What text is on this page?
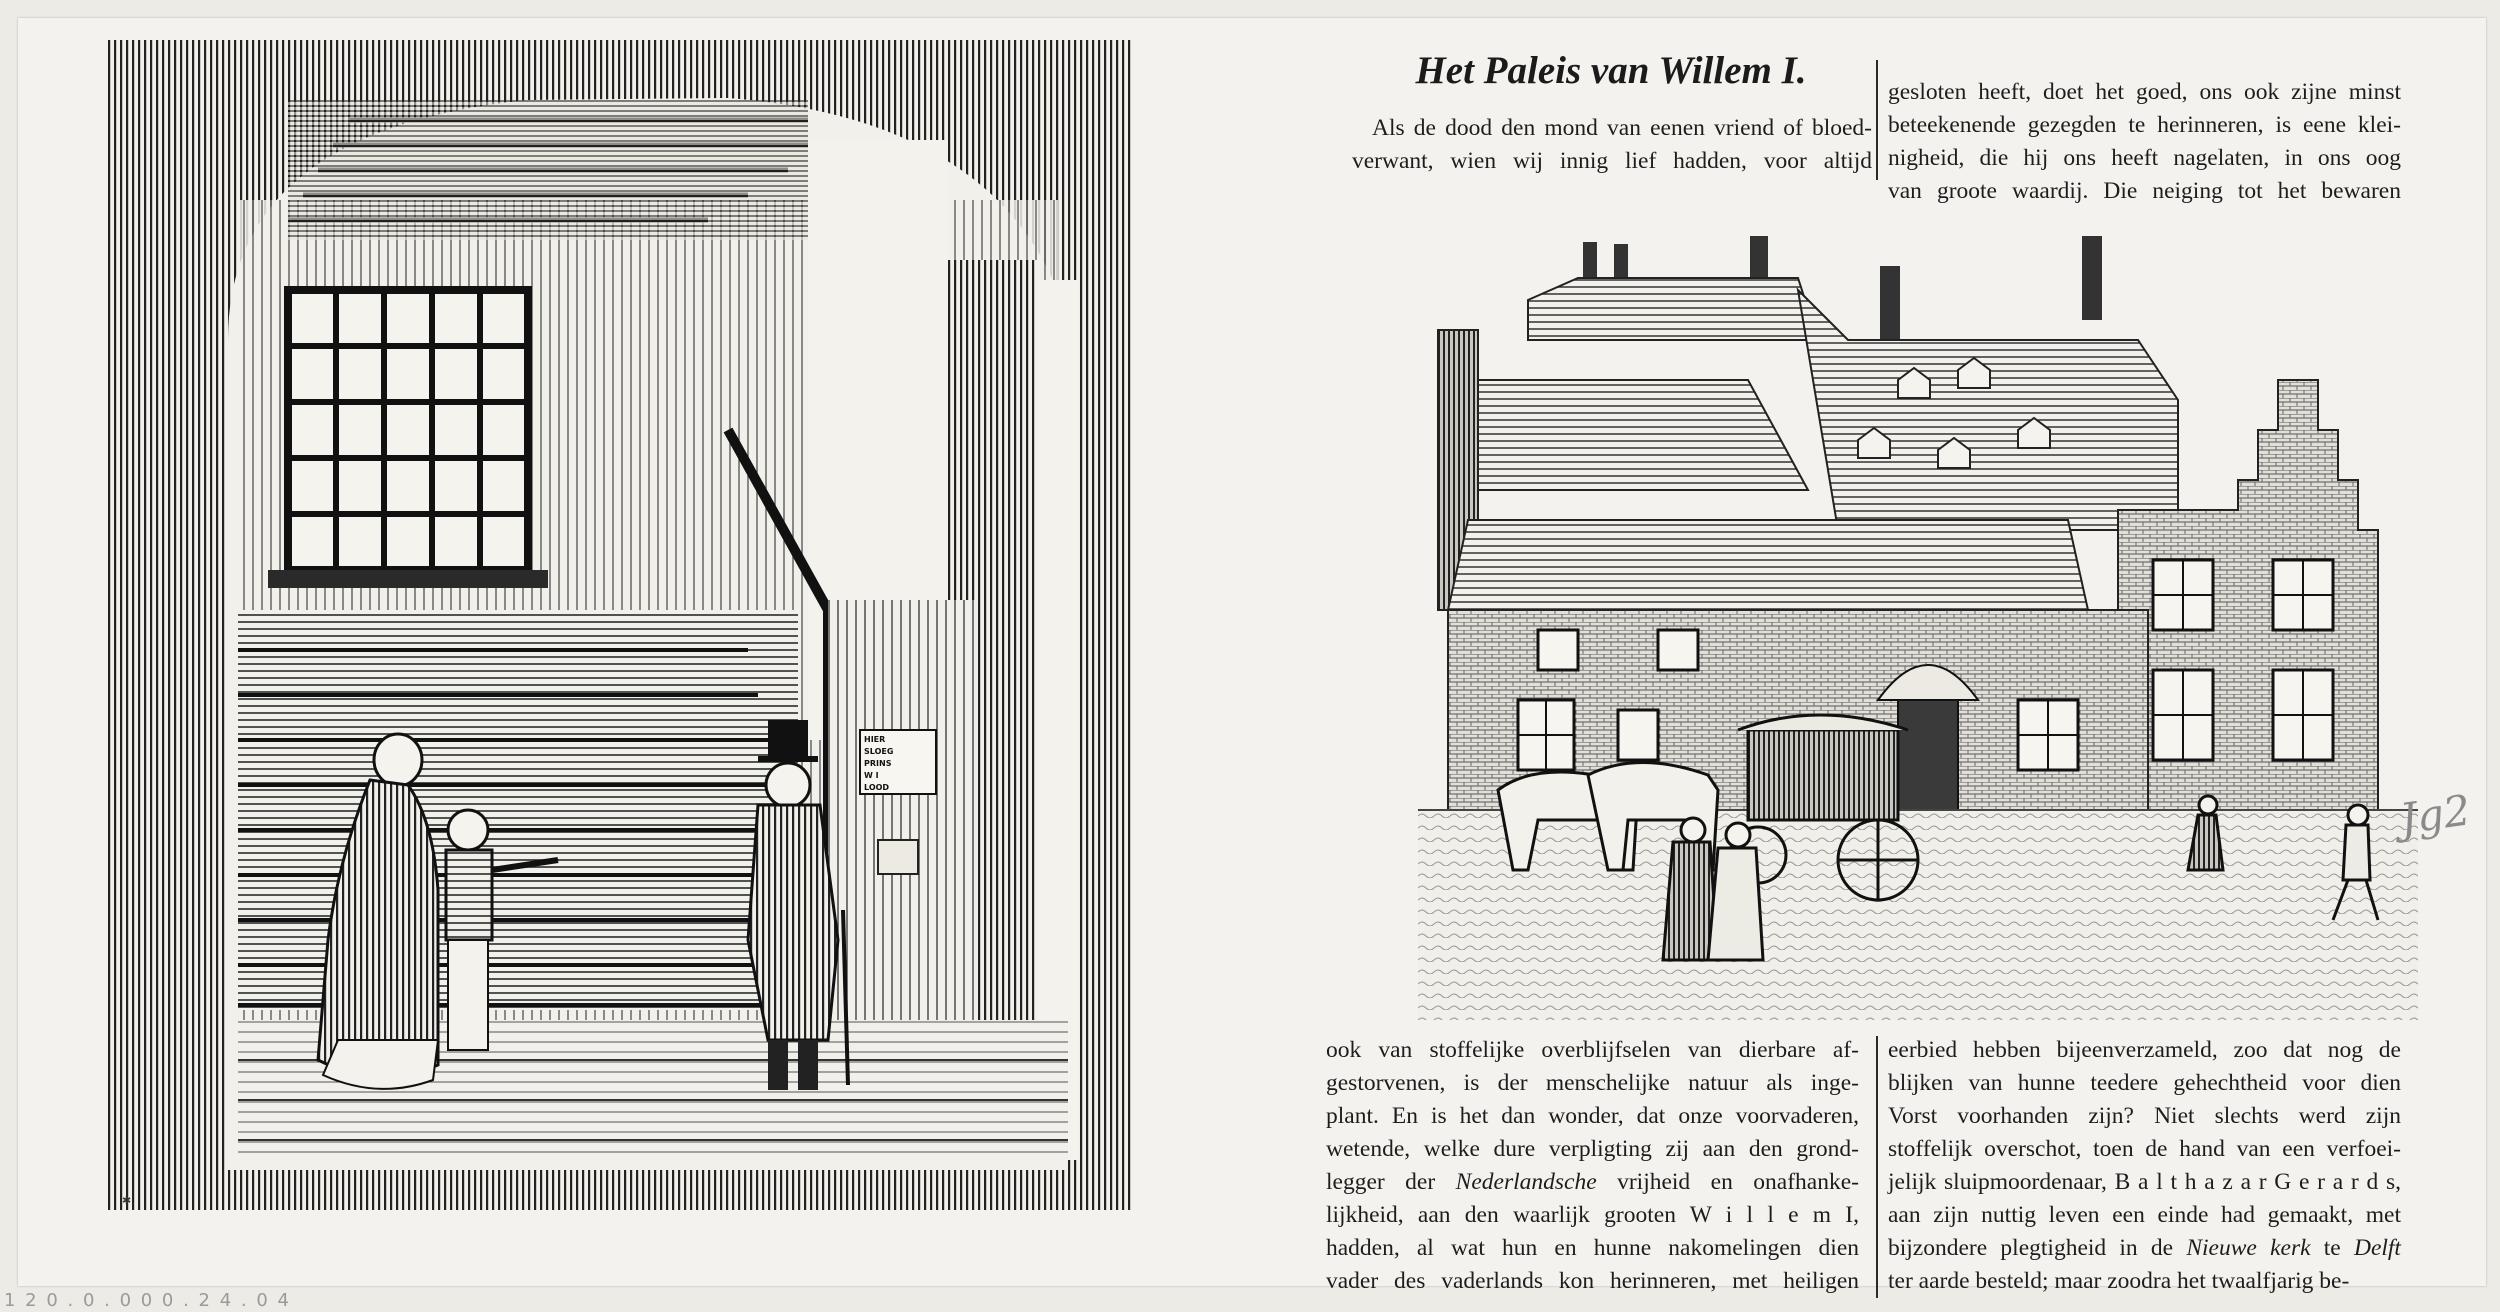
HIER
SLOEG
PRINS
W I
LOOD
✱
Het Paleis van Willem I.
Als de dood den mond van eenen vriend of bloed-
verwant, wien wij innig lief hadden, voor altijd
gesloten heeft, doet het goed, ons ook zijne minst
beteekenende gezegden te herinneren, is eene klei-
nigheid, die hij ons heeft nagelaten, in ons oog
van groote waardij. Die neiging tot het bewaren
ook van stoffelijke overblijfselen van dierbare af-
gestorvenen, is der menschelijke natuur als inge-
plant. En is het dan wonder, dat onze voorvaderen,
wetende, welke dure verpligting zij aan den grond-
legger der Nederlandsche vrijheid en onafhanke-
lijkheid, aan den waarlijk grooten W i l l e m I,
hadden, al wat hun en hunne nakomelingen dien
vader des vaderlands kon herinneren, met heiligen
eerbied hebben bijeenverzameld, zoo dat nog de
blijken van hunne teedere gehechtheid voor dien
Vorst voorhanden zijn? Niet slechts werd zijn
stoffelijk overschot, toen de hand van een verfoei-
jelijk sluipmoordenaar, B a l t h a z a r G e r a r d s,
aan zijn nuttig leven een einde had gemaakt, met
bijzondere plegtigheid in de Nieuwe kerk te Delft
ter aarde besteld; maar zoodra het twaalfjarig be-
Jg2
1 2 0 . 0 . 0 0 0 . 2 4 . 0 4
